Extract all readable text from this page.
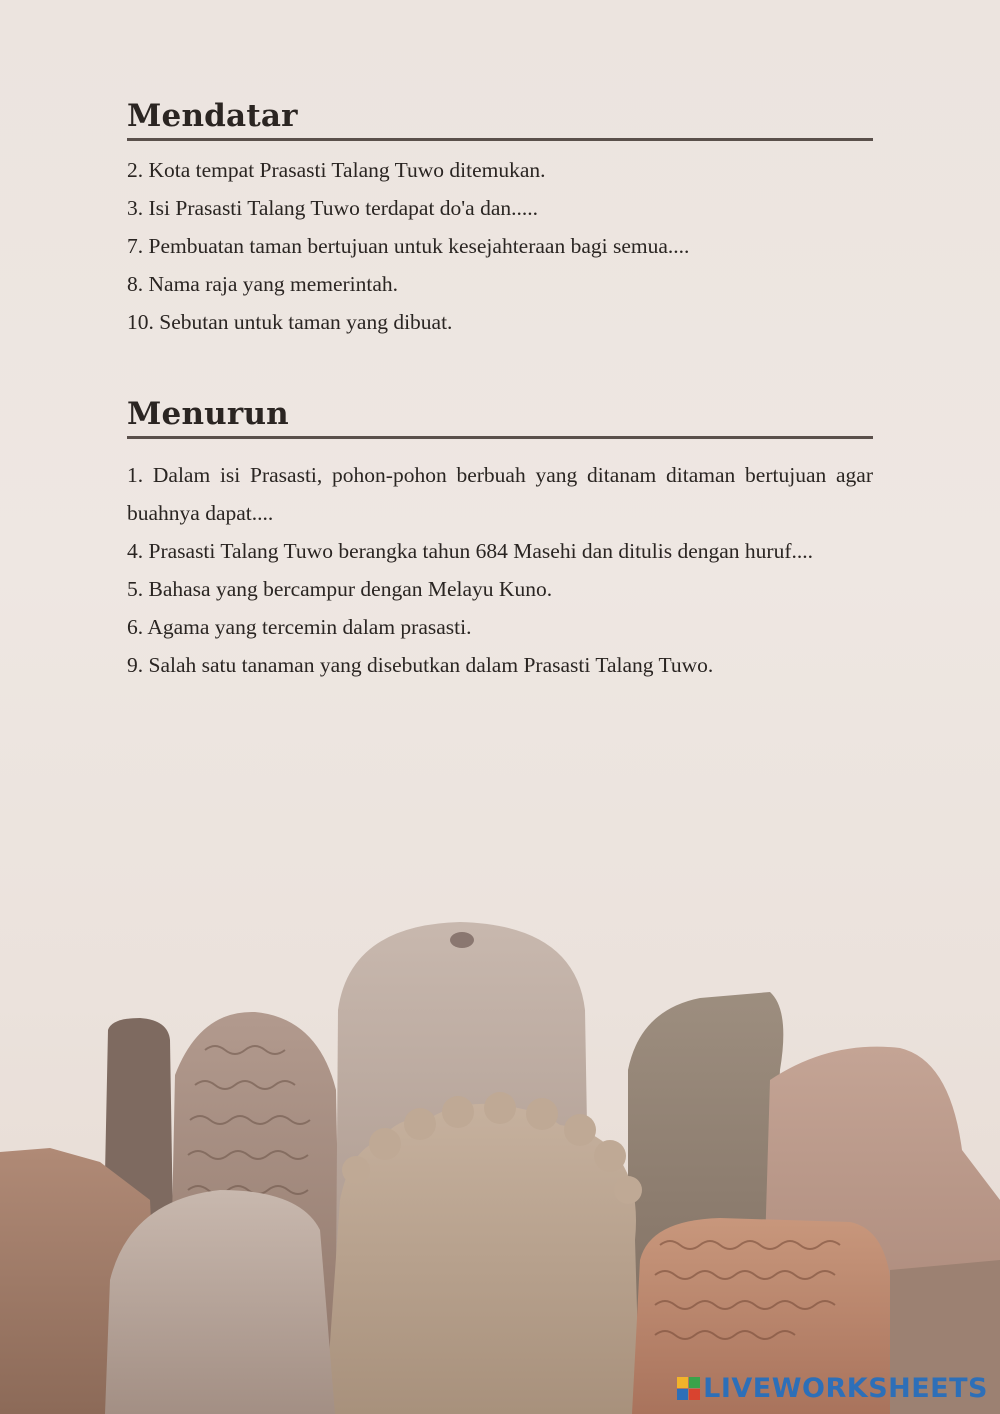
Mendatar

2. Kota tempat Prasasti Talang Tuwo ditemukan.

3. Isi Prasasti Talang Tuwo terdapat do'a dan.....

7. Pembuatan taman bertujuan untuk kesejahteraan bagi semua....

8. Nama raja yang memerintah.

10. Sebutan untuk taman yang dibuat.

Menurun

1. Dalam isi Prasasti, pohon-pohon berbuah yang ditanam ditaman bertujuan agar buahnya dapat....

4. Prasasti Talang Tuwo berangka tahun 684 Masehi dan ditulis dengan huruf....

5. Bahasa yang bercampur dengan Melayu Kuno.

6. Agama yang tercemin dalam prasasti.

9. Salah satu tanaman yang disebutkan dalam Prasasti Talang Tuwo.

LIVEWORKSHEETS
